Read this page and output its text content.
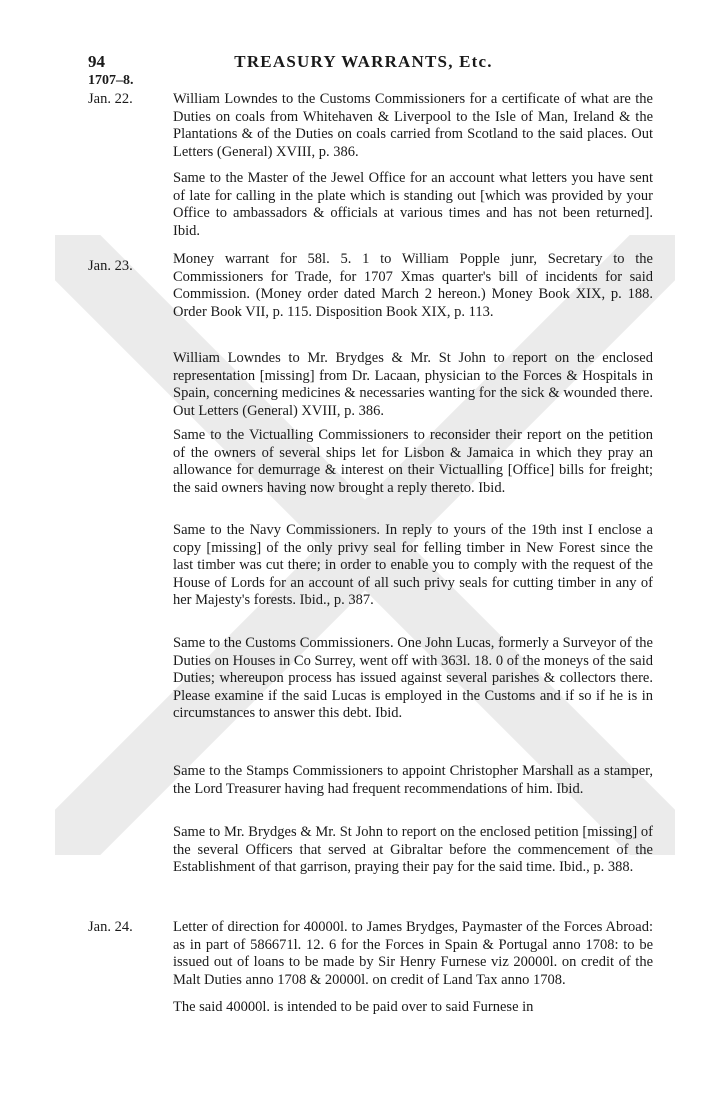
94	TREASURY WARRANTS, Etc.
1707–8.
Jan. 22.	William Lowndes to the Customs Commissioners for a certificate of what are the Duties on coals from Whitehaven & Liverpool to the Isle of Man, Ireland & the Plantations & of the Duties on coals carried from Scotland to the said places. Out Letters (General) XVIII, p. 386.

Same to the Master of the Jewel Office for an account what letters you have sent of late for calling in the plate which is standing out [which was provided by your Office to ambassadors & officials at various times and has not been returned]. Ibid.

Jan. 23.	Money warrant for 58l. 5. 1 to William Popple junr, Secretary to the Commissioners for Trade, for 1707 Xmas quarter's bill of incidents for said Commission. (Money order dated March 2 hereon.) Money Book XIX, p. 188. Order Book VII, p. 115. Disposition Book XIX, p. 113.

William Lowndes to Mr. Brydges & Mr. St John to report on the enclosed representation [missing] from Dr. Lacaan, physician to the Forces & Hospitals in Spain, concerning medicines & necessaries wanting for the sick & wounded there. Out Letters (General) XVIII, p. 386.

Same to the Victualling Commissioners to reconsider their report on the petition of the owners of several ships let for Lisbon & Jamaica in which they pray an allowance for demurrage & interest on their Victualling [Office] bills for freight; the said owners having now brought a reply thereto. Ibid.

Same to the Navy Commissioners. In reply to yours of the 19th inst I enclose a copy [missing] of the only privy seal for felling timber in New Forest since the last timber was cut there; in order to enable you to comply with the request of the House of Lords for an account of all such privy seals for cutting timber in any of her Majesty's forests. Ibid., p. 387.

Same to the Customs Commissioners. One John Lucas, formerly a Surveyor of the Duties on Houses in Co Surrey, went off with 363l. 18. 0 of the moneys of the said Duties; whereupon process has issued against several parishes & collectors there. Please examine if the said Lucas is employed in the Customs and if so if he is in circumstances to answer this debt. Ibid.

Same to the Stamps Commissioners to appoint Christopher Marshall as a stamper, the Lord Treasurer having had frequent recommendations of him. Ibid.

Same to Mr. Brydges & Mr. St John to report on the enclosed petition [missing] of the several Officers that served at Gibraltar before the commencement of the Establishment of that garrison, praying their pay for the said time. Ibid., p. 388.

Jan. 24.	Letter of direction for 40000l. to James Brydges, Paymaster of the Forces Abroad: as in part of 586671l. 12. 6 for the Forces in Spain & Portugal anno 1708: to be issued out of loans to be made by Sir Henry Furnese viz 20000l. on credit of the Malt Duties anno 1708 & 20000l. on credit of Land Tax anno 1708.

The said 40000l. is intended to be paid over to said Furnese in
